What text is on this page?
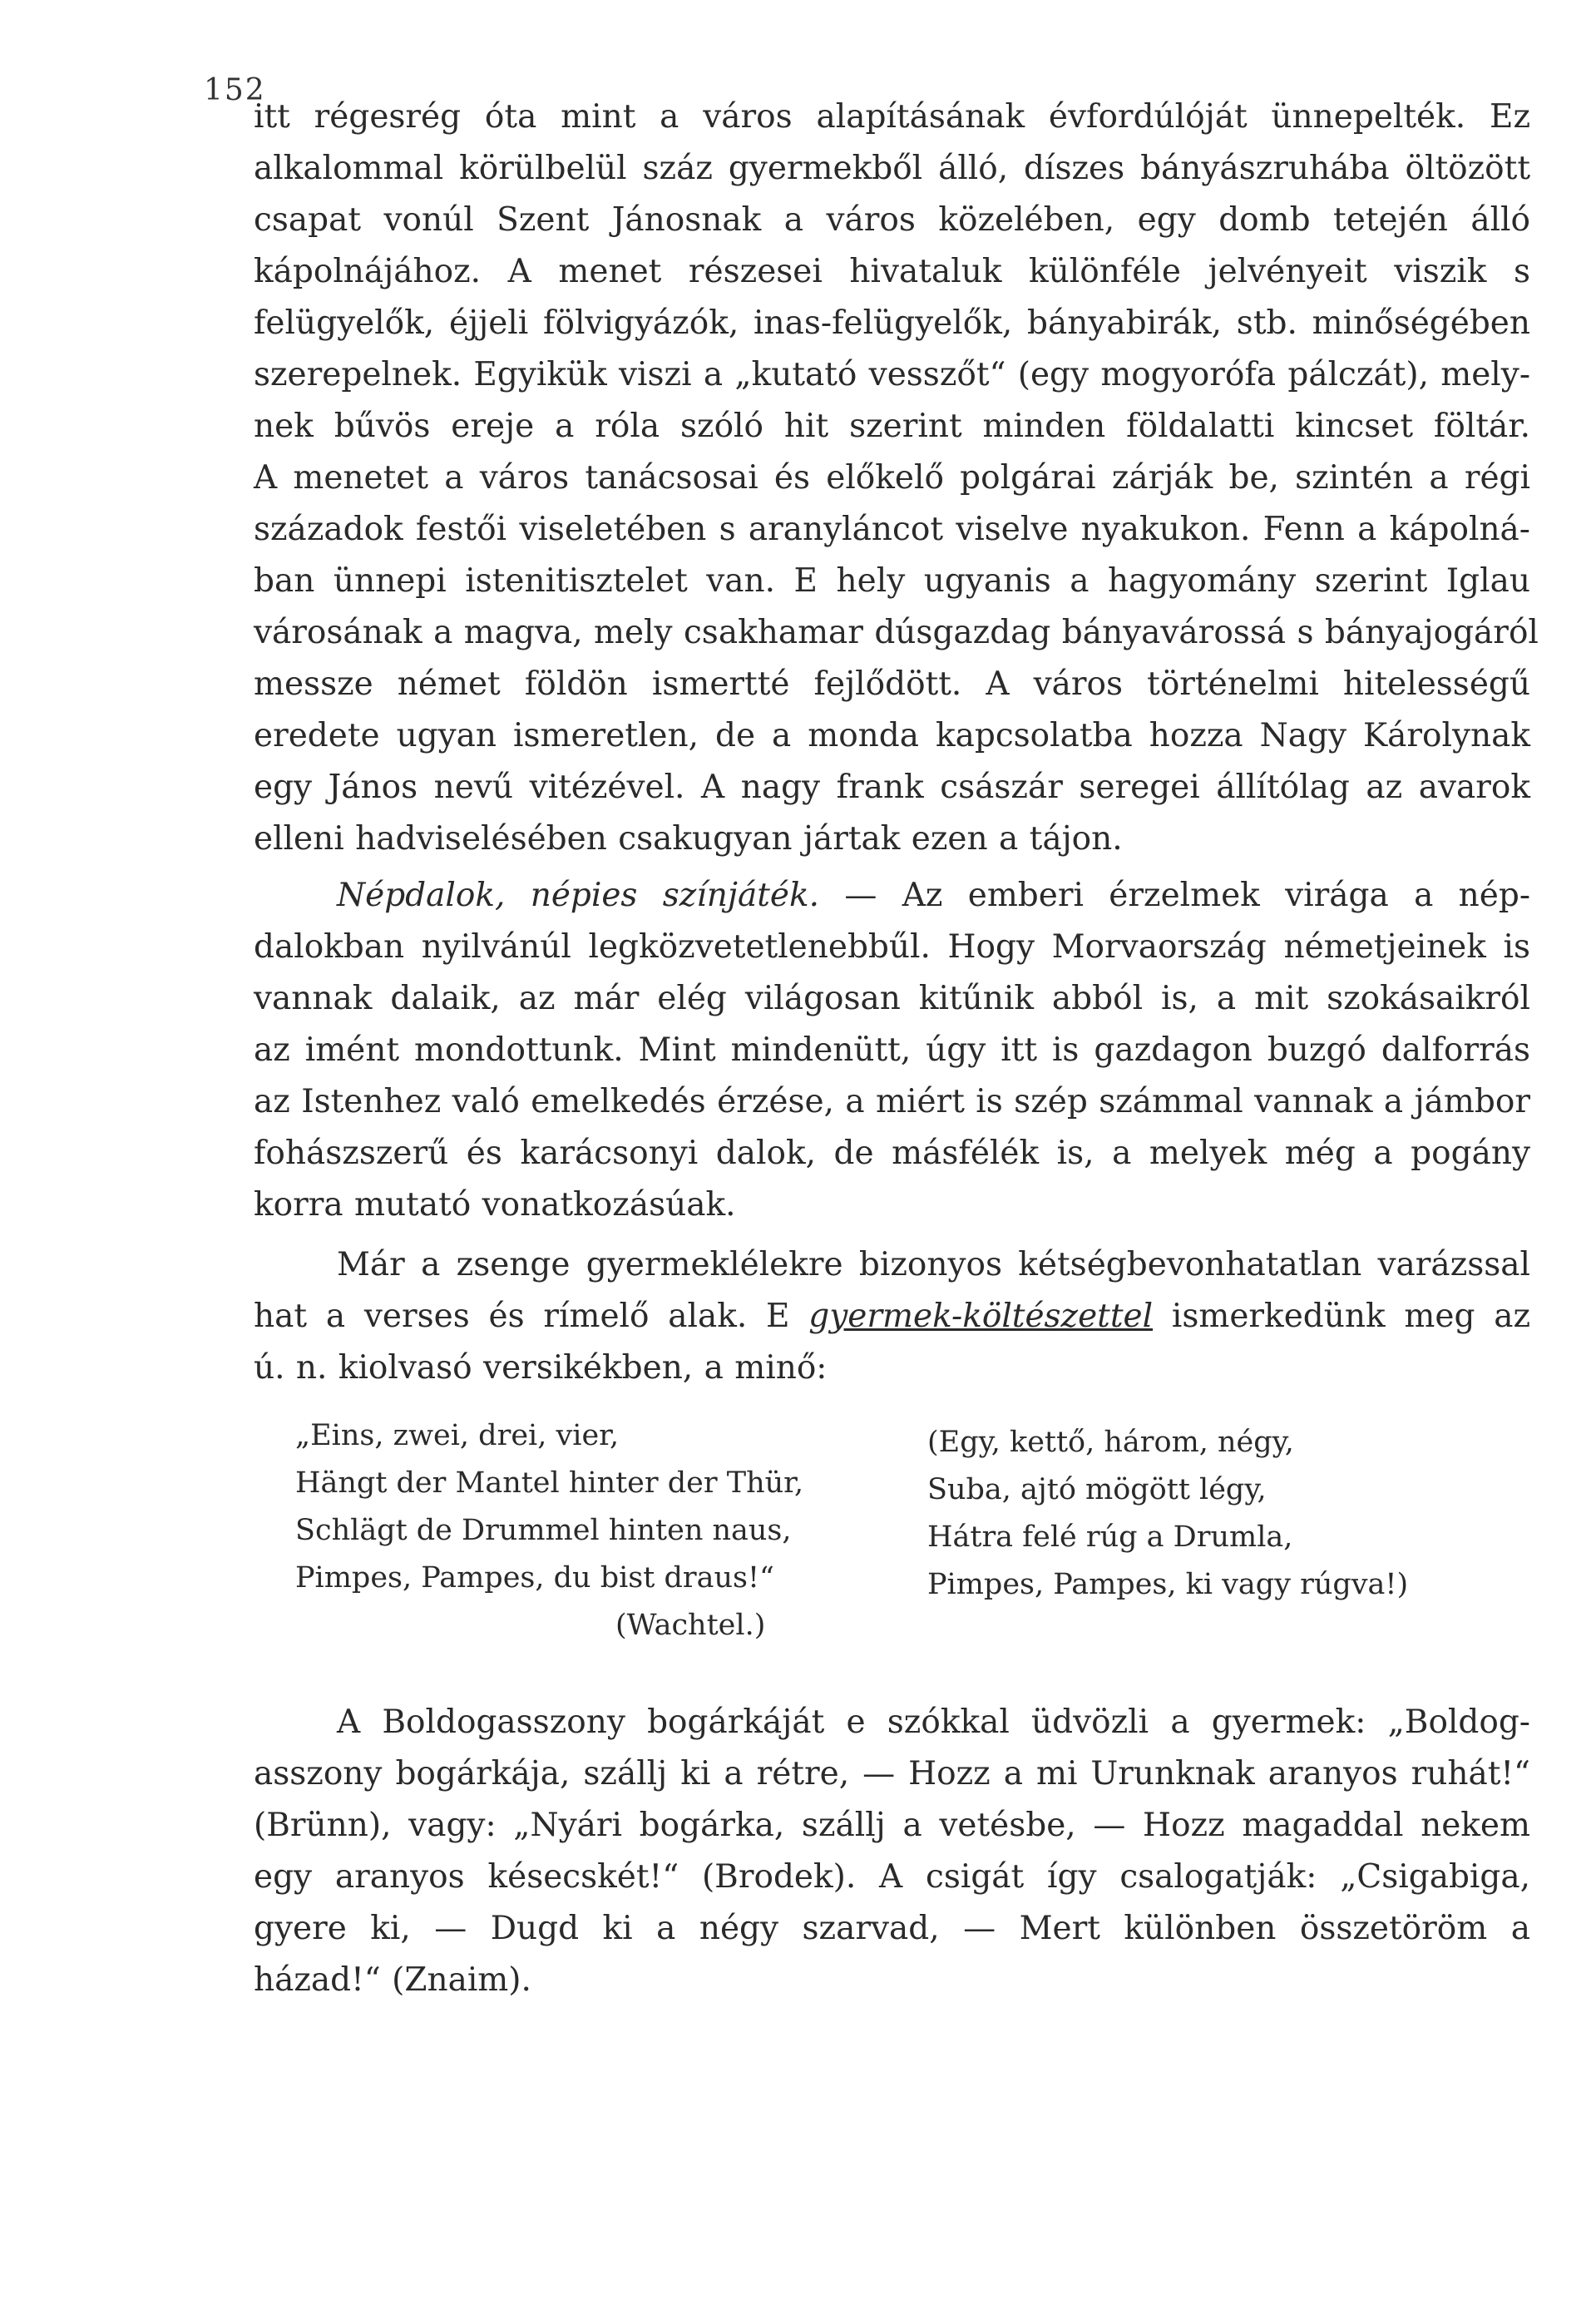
152
itt régesrég óta mint a város alapításának évfordúlóját ünnepelték. Ez
alkalommal körülbelül száz gyermekből álló, díszes bányászruhába öltözött
csapat vonúl Szent Jánosnak a város közelében, egy domb tetején álló
kápolnájához. A menet részesei hivataluk különféle jelvényeit viszik s
felügyelők, éjjeli fölvigyázók, inas-felügyelők, bányabirák, stb. minőségében
szerepelnek. Egyikük viszi a „kutató vesszőt“ (egy mogyorófa pálczát), mely-
nek bűvös ereje a róla szóló hit szerint minden földalatti kincset föltár.
A menetet a város tanácsosai és előkelő polgárai zárják be, szintén a régi
századok festői viseletében s aranyláncot viselve nyakukon. Fenn a kápolná-
ban ünnepi istenitisztelet van. E hely ugyanis a hagyomány szerint Iglau
városának a magva, mely csakhamar dúsgazdag bányavárossá s bányajogáról
messze német földön ismertté fejlődött. A város történelmi hitelességű
eredete ugyan ismeretlen, de a monda kapcsolatba hozza Nagy Károlynak
egy János nevű vitézével. A nagy frank császár seregei állítólag az avarok
elleni hadviselésében csakugyan jártak ezen a tájon.
Népdalok, népies színjáték. — Az emberi érzelmek virága a nép-
dalokban nyilvánúl legközvetetlenebbűl. Hogy Morvaország németjeinek is
vannak dalaik, az már elég világosan kitűnik abból is, a mit szokásaikról
az imént mondottunk. Mint mindenütt, úgy itt is gazdagon buzgó dalforrás
az Istenhez való emelkedés érzése, a miért is szép számmal vannak a jámbor
fohászszerű és karácsonyi dalok, de másfélék is, a melyek még a pogány
korra mutató vonatkozásúak.
Már a zsenge gyermeklélekre bizonyos kétségbevonhatatlan varázssal
hat a verses és rímelő alak. E gyermek-költészettel ismerkedünk meg az
ú. n. kiolvasó versikékben, a minő:
„Eins, zwei, drei, vier,
Hängt der Mantel hinter der Thür,
Schlägt de Drummel hinten naus,
Pimpes, Pampes, du bist draus!“
(Wachtel.)
(Egy, kettő, három, négy,
Suba, ajtó mögött légy,
Hátra felé rúg a Drumla,
Pimpes, Pampes, ki vagy rúgva!)
A Boldogasszony bogárkáját e szókkal üdvözli a gyermek: „Boldog-
asszony bogárkája, szállj ki a rétre, — Hozz a mi Urunknak aranyos ruhát!“
(Brünn), vagy: „Nyári bogárka, szállj a vetésbe, — Hozz magaddal nekem
egy aranyos késecskét!“ (Brodek). A csigát így csalogatják: „Csigabiga,
gyere ki, — Dugd ki a négy szarvad, — Mert különben összetöröm a
házad!“ (Znaim).
